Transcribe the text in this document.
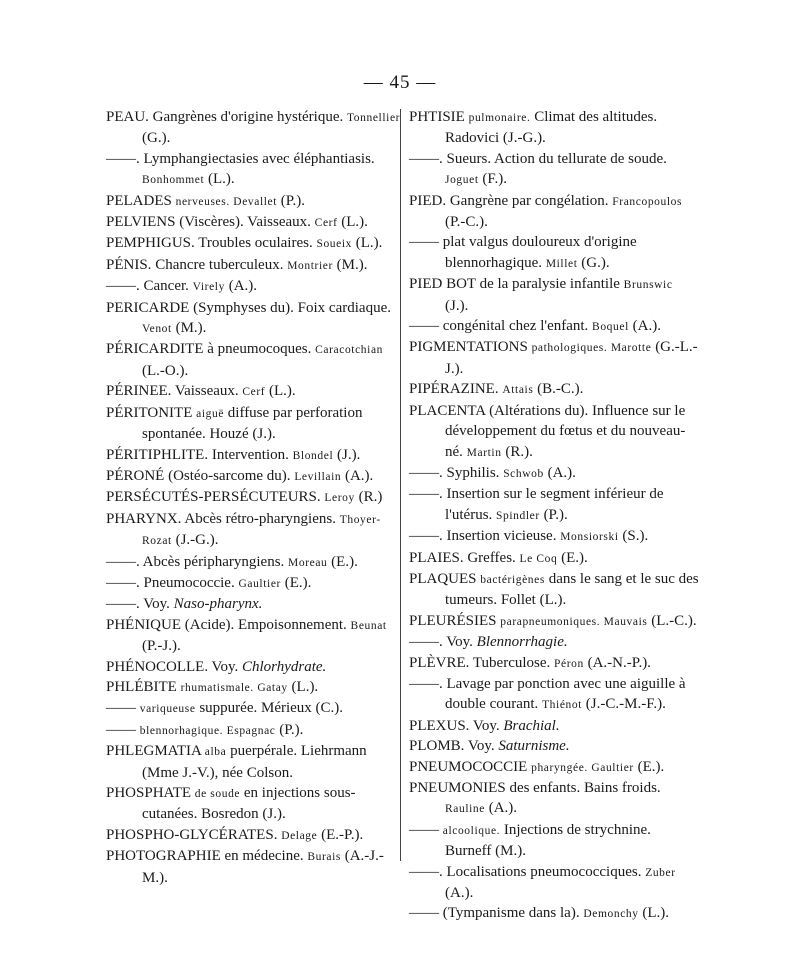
— 45 —

PEAU. Gangrènes d'origine hystérique. Tonnellier (G.).

——. Lymphangiectasies avec éléphantiasis. Bonhommet (L.).

PELADES nerveuses. Devallet (P.).

PELVIENS (Viscères). Vaisseaux. Cerf (L.).

PEMPHIGUS. Troubles oculaires. Soueix (L.).

PÉNIS. Chancre tuberculeux. Montrier (M.).

——. Cancer. Virely (A.).

PERICARDE (Symphyses du). Foix cardiaque. Venot (M.).

PÉRICARDITE à pneumocoques. Caracotchian (L.-O.).

PÉRINEE. Vaisseaux. Cerf (L.).

PÉRITONITE aiguë diffuse par perforation spontanée. Houzé (J.).

PÉRITIPHLITE. Intervention. Blondel (J.).

PÉRONÉ (Ostéo-sarcome du). Levillain (A.).

PERSÉCUTÉS-PERSÉCUTEURS. Leroy (R.)

PHARYNX. Abcès rétro-pharyngiens. Thoyer-Rozat (J.-G.).

——. Abcès péripharyngiens. Moreau (E.).

——. Pneumococcie. Gaultier (E.).

——. Voy. Naso-pharynx.

PHÉNIQUE (Acide). Empoisonnement. Beunat (P.-J.).

PHÉNOCOLLE. Voy. Chlorhydrate.

PHLÉBITE rhumatismale. Gatay (L.).

—— variqueuse suppurée. Mérieux (C.).

—— blennorhagique. Espagnac (P.).

PHLEGMATIA alba puerpérale. Liehrmann (Mme J.-V.), née Colson.

PHOSPHATE de soude en injections sous-cutanées. Bosredon (J.).

PHOSPHO-GLYCÉRATES. Delage (E.-P.).

PHOTOGRAPHIE en médecine. Burais (A.-J.-M.).

PHTISIE pulmonaire. Climat des altitudes. Radovici (J.-G.).

——. Sueurs. Action du tellurate de soude. Joguet (F.).

PIED. Gangrène par congélation. Francopoulos (P.-C.).

—— plat valgus douloureux d'origine blennorhagique. Millet (G.).

PIED BOT de la paralysie infantile Brunswic (J.).

—— congénital chez l'enfant. Boquel (A.).

PIGMENTATIONS pathologiques. Marotte (G.-L.-J.).

PIPÉRAZINE. Attais (B.-C.).

PLACENTA (Altérations du). Influence sur le développement du fœtus et du nouveau-né. Martin (R.).

——. Syphilis. Schwob (A.).

——. Insertion sur le segment inférieur de l'utérus. Spindler (P.).

——. Insertion vicieuse. Monsiorski (S.).

PLAIES. Greffes. Le Coq (E.).

PLAQUES bactérigènes dans le sang et le suc des tumeurs. Follet (L.).

PLEURÉSIES parapneumoniques. Mauvais (L.-C.).

——. Voy. Blennorrhagie.

PLÈVRE. Tuberculose. Péron (A.-N.-P.).

——. Lavage par ponction avec une aiguille à double courant. Thiénot (J.-C.-M.-F.).

PLEXUS. Voy. Brachial.

PLOMB. Voy. Saturnisme.

PNEUMOCOCCIE pharyngée. Gaultier (E.).

PNEUMONIES des enfants. Bains froids. Rauline (A.).

—— alcoolique. Injections de strychnine. Burneff (M.).

——. Localisations pneumococciques. Zuber (A.).

—— (Tympanisme dans la). Demonchy (L.).
